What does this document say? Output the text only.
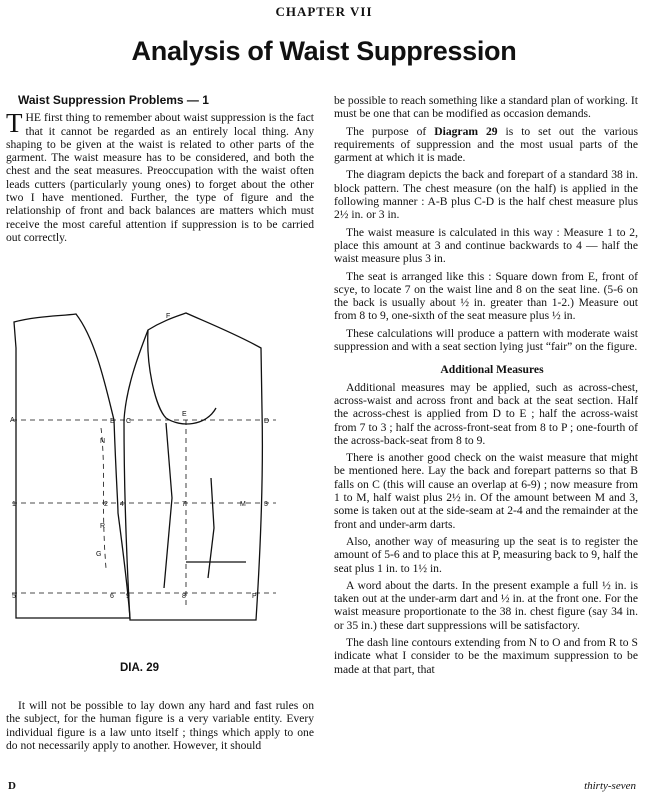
CHAPTER VII
Analysis of Waist Suppression

Waist Suppression Problems — 1

THE first thing to remember about waist suppression is the fact that it cannot be regarded as an entirely local thing. Any shaping to be given at the waist is related to other parts of the garment. The waist measure has to be considered, and both the chest and the seat measures. Preoccupation with the waist often leads cutters (particularly young ones) to forget about the other two I have mentioned. Further, the type of figure and the relationship of front and back balances are matters which must receive the most careful attention if suppression is to be carried out correctly.

A	B C
E
D
N
1	2 4	7	M	3
R
G
5	6 9	8	P
F
DIA. 29

It will not be possible to lay down any hard and fast rules on the subject, for the human figure is a very variable entity. Every individual figure is a law unto itself ; things which apply to one do not necessarily apply to another. However, it should

be possible to reach something like a standard plan of working. It must be one that can be modified as occasion demands.

The purpose of Diagram 29 is to set out the various requirements of suppression and the most usual parts of the garment at which it is made.

The diagram depicts the back and forepart of a standard 38 in. block pattern. The chest measure (on the half) is applied in the following manner : A-B plus C-D is the half chest measure plus 2½ in. or 3 in.

The waist measure is calculated in this way : Measure 1 to 2, place this amount at 3 and continue backwards to 4 — half the waist measure plus 3 in.

The seat is arranged like this : Square down from E, front of scye, to locate 7 on the waist line and 8 on the seat line. (5-6 on the back is usually about ½ in. greater than 1-2.) Measure out from 8 to 9, one-sixth of the seat measure plus ½ in.

These calculations will produce a pattern with moderate waist suppression and with a seat section lying just “fair” on the figure.

Additional Measures

Additional measures may be applied, such as across-chest, across-waist and across front and back at the seat section. Half the across-chest is applied from D to E ; half the across-waist from 7 to 3 ; half the across-front-seat from 8 to P ; one-fourth of the across-back-seat from 8 to 9.

There is another good check on the waist measure that might be mentioned here. Lay the back and forepart patterns so that B falls on C (this will cause an overlap at 6-9) ; now measure from 1 to M, half waist plus 2½ in. Of the amount between M and 3, some is taken out at the side-seam at 2-4 and the remainder at the front and under-arm darts.

Also, another way of measuring up the seat is to register the amount of 5-6 and to place this at P, measuring back to 9, half the seat plus 1 in. to 1½ in.

A word about the darts. In the present example a full ½ in. is taken out at the under-arm dart and ½ in. at the front one. For the waist measure proportionate to the 38 in. chest figure (say 34 in. or 35 in.) these dart suppressions will be satisfactory.

The dash line contours extending from N to O and from R to S indicate what I consider to be the maximum suppression to be made at that part, that

D	thirty-seven
